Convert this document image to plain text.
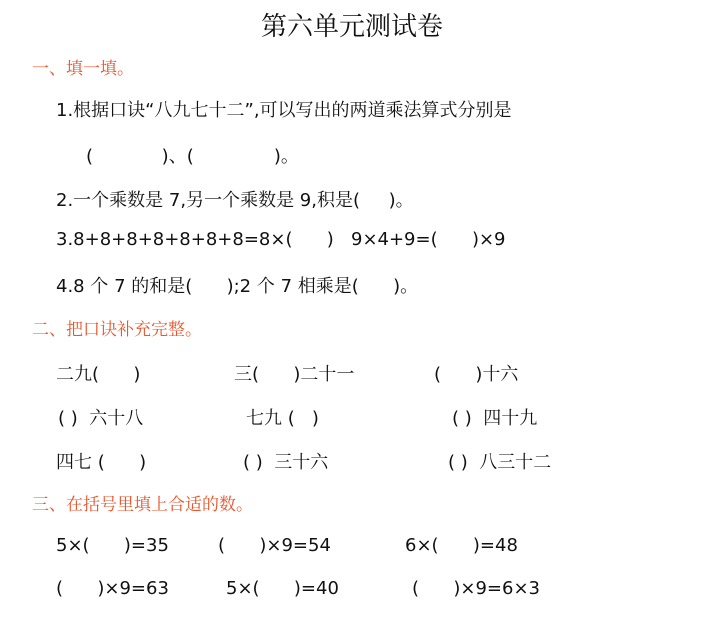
第六单元测试卷
一、填一填。
1.根据口诀“八九七十二”,可以写出的两道乘法算式分别是
(            )、(              )。
2.一个乘数是 7,另一个乘数是 9,积是(     )。
3.8+8+8+8+8+8+8=8×(      )   9×4+9=(      )×9
4.8 个 7 的和是(      );2 个 7 相乘是(      )。
二、把口诀补充完整。
二九(      )	三(      )二十一	(      )十六
( )  六十八	七九 (   )	( )  四十九
四七 (      )	( )  三十六	( )  八三十二
三、在括号里填上合适的数。
5×(      )=35	(      )×9=54	6×(      )=48
(      )×9=63	5×(      )=40	(      )×9=6×3
